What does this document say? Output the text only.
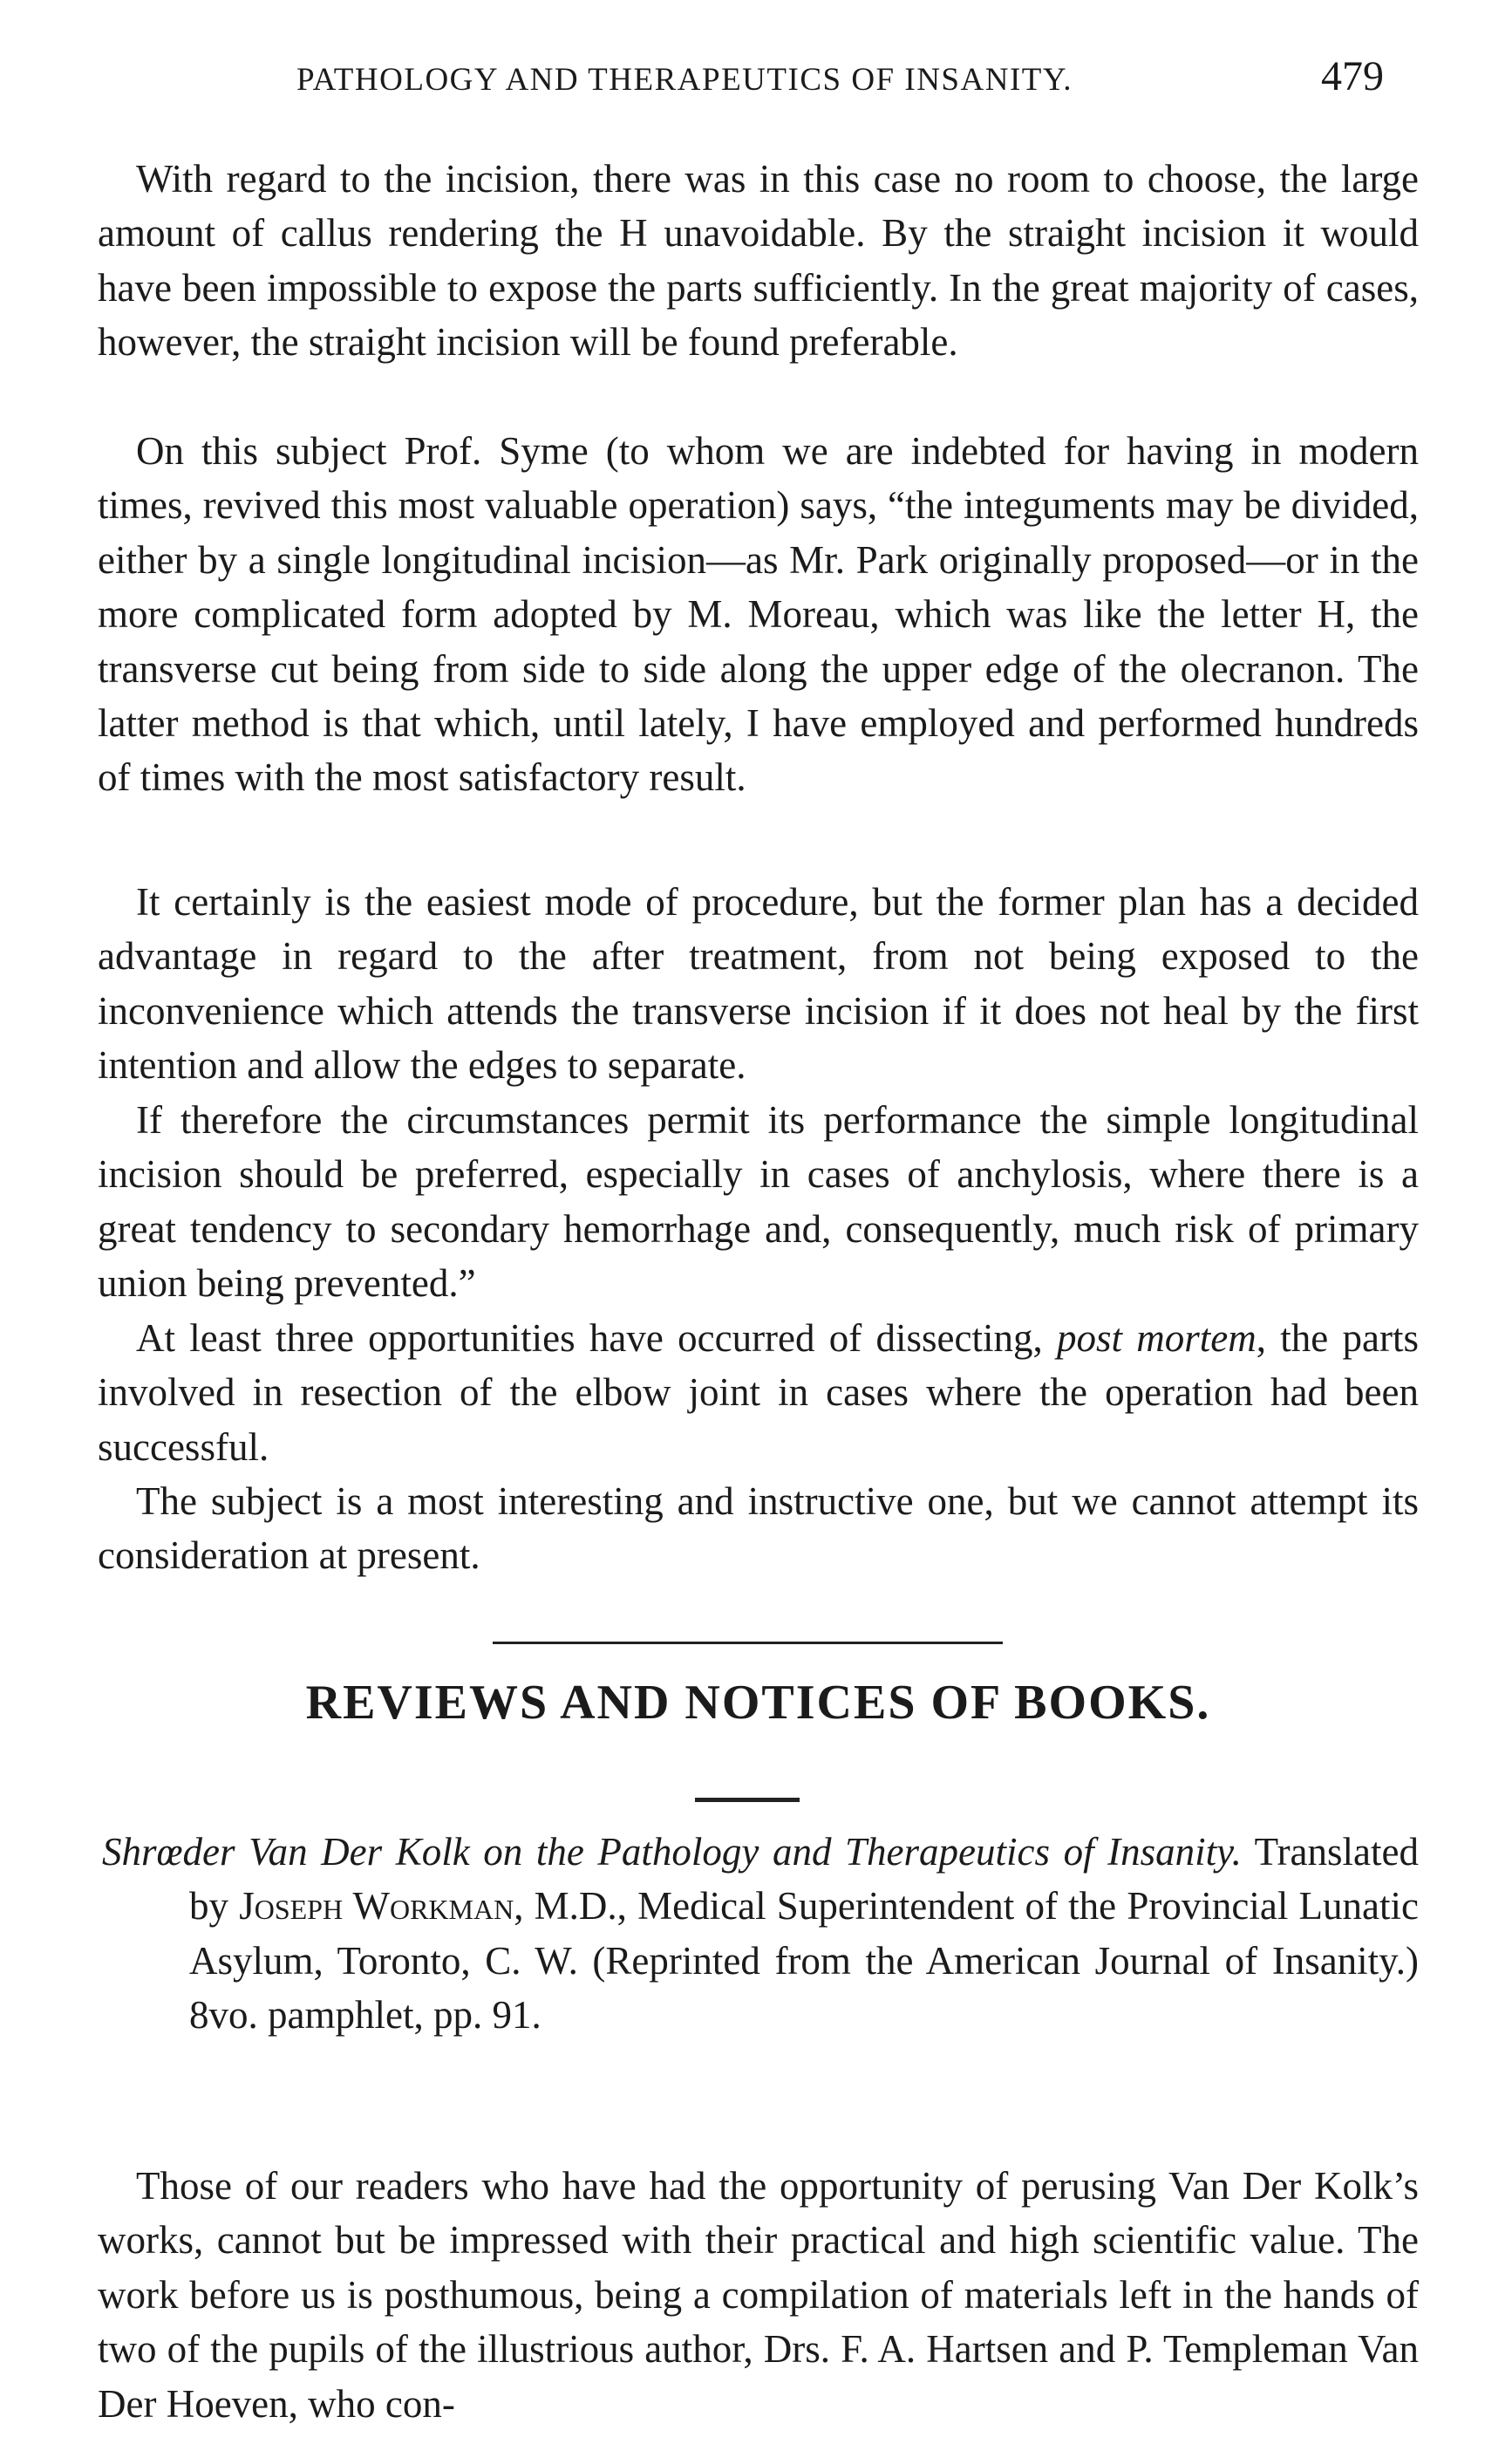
PATHOLOGY AND THERAPEUTICS OF INSANITY.	479

With regard to the incision, there was in this case no room to choose, the large amount of callus rendering the H unavoidable. By the straight incision it would have been impossible to expose the parts sufficiently. In the great majority of cases, however, the straight incision will be found preferable.

On this subject Prof. Syme (to whom we are indebted for having in modern times, revived this most valuable operation) says, “the integuments may be divided, either by a single longitudinal incision—as Mr. Park originally proposed—or in the more complicated form adopted by M. Moreau, which was like the letter H, the transverse cut being from side to side along the upper edge of the olecranon. The latter method is that which, until lately, I have employed and performed hundreds of times with the most satisfactory result.

It certainly is the easiest mode of procedure, but the former plan has a decided advantage in regard to the after treatment, from not being exposed to the inconvenience which attends the transverse incision if it does not heal by the first intention and allow the edges to separate.

If therefore the circumstances permit its performance the simple longitudinal incision should be preferred, especially in cases of anchylosis, where there is a great tendency to secondary hemorrhage and, consequently, much risk of primary union being prevented.”

At least three opportunities have occurred of dissecting, post mortem, the parts involved in resection of the elbow joint in cases where the operation had been successful.

The subject is a most interesting and instructive one, but we cannot attempt its consideration at present.

REVIEWS AND NOTICES OF BOOKS.

Shrœder Van Der Kolk on the Pathology and Therapeutics of Insanity. Translated by Joseph Workman, M.D., Medical Superintendent of the Provincial Lunatic Asylum, Toronto, C. W. (Reprinted from the American Journal of Insanity.) 8vo. pamphlet, pp. 91.

Those of our readers who have had the opportunity of perusing Van Der Kolk’s works, cannot but be impressed with their practical and high scientific value. The work before us is posthumous, being a compilation of materials left in the hands of two of the pupils of the illustrious author, Drs. F. A. Hartsen and P. Templeman Van Der Hoeven, who con-
